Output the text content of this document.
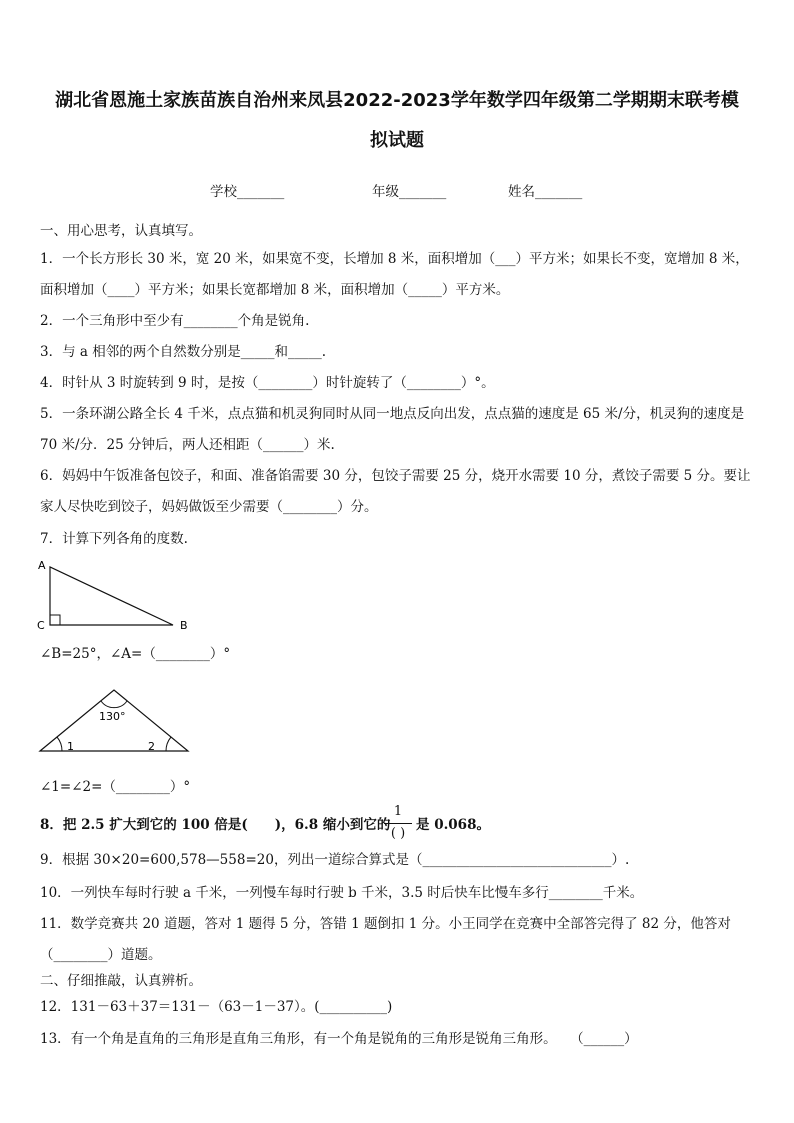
湖北省恩施土家族苗族自治州来凤县2022-2023学年数学四年级第二学期期末联考模
拟试题
学校_______	年级_______	姓名_______
一、用心思考，认真填写。
1．一个长方形长 30 米，宽 20 米，如果宽不变，长增加 8 米，面积增加（___）平方米；如果长不变，宽增加 8 米，
面积增加（____）平方米；如果长宽都增加 8 米，面积增加（_____）平方米。
2．一个三角形中至少有________个角是锐角.
3．与 a 相邻的两个自然数分别是_____和_____.
4．时针从 3 时旋转到 9 时，是按（________）时针旋转了（________）°。
5．一条环湖公路全长 4 千米，点点猫和机灵狗同时从同一地点反向出发，点点猫的速度是 65 米/分，机灵狗的速度是
70 米/分．25 分钟后，两人还相距（______）米.
6．妈妈中午饭准备包饺子，和面、准备馅需要 30 分，包饺子需要 25 分，烧开水需要 10 分，煮饺子需要 5 分。要让
家人尽快吃到饺子，妈妈做饭至少需要（________）分。
7．计算下列各角的度数.
A
C	B
∠B=25°，∠A=（________）°
130°
1	2
∠1=∠2=（________）°
8．把 2.5 扩大到它的 100 倍是(　　)，6.8 缩小到它的
1
( )
是 0.068。
9．根据 30×20=600,578—558=20，列出一道综合算式是（____________________________）.
10．一列快车每时行驶 a 千米，一列慢车每时行驶 b 千米，3.5 时后快车比慢车多行________千米。
11．数学竞赛共 20 道题，答对 1 题得 5 分，答错 1 题倒扣 1 分。小王同学在竞赛中全部答完得了 82 分，他答对
（________）道题。
二、仔细推敲，认真辨析。
12．131－63＋37＝131－（63－1－37）。(__________)
13．有一个角是直角的三角形是直角三角形，有一个角是锐角的三角形是锐角三角形。　　（______）
